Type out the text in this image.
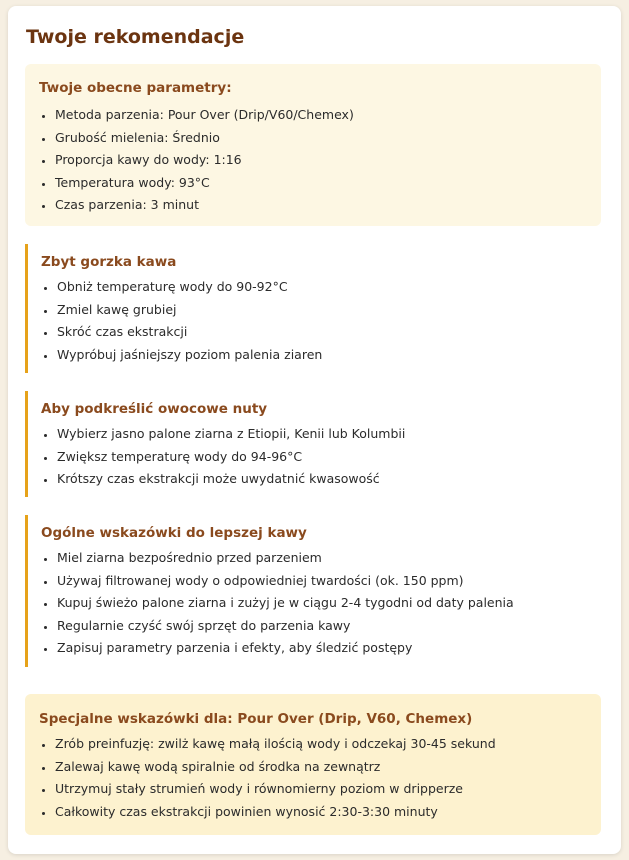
Twoje rekomendacje
Twoje obecne parametry:
• Metoda parzenia: Pour Over (Drip/V60/Chemex)
• Grubość mielenia: Średnio
• Proporcja kawy do wody: 1:16
• Temperatura wody: 93°C
• Czas parzenia: 3 minut
Zbyt gorzka kawa
• Obniż temperaturę wody do 90-92°C
• Zmiel kawę grubiej
• Skróć czas ekstrakcji
• Wypróbuj jaśniejszy poziom palenia ziaren
Aby podkreślić owocowe nuty
• Wybierz jasno palone ziarna z Etiopii, Kenii lub Kolumbii
• Zwiększ temperaturę wody do 94-96°C
• Krótszy czas ekstrakcji może uwydatnić kwasowość
Ogólne wskazówki do lepszej kawy
• Miel ziarna bezpośrednio przed parzeniem
• Używaj filtrowanej wody o odpowiedniej twardości (ok. 150 ppm)
• Kupuj świeżo palone ziarna i zużyj je w ciągu 2-4 tygodni od daty palenia
• Regularnie czyść swój sprzęt do parzenia kawy
• Zapisuj parametry parzenia i efekty, aby śledzić postępy
Specjalne wskazówki dla: Pour Over (Drip, V60, Chemex)
• Zrób preinfuzję: zwilż kawę małą ilością wody i odczekaj 30-45 sekund
• Zalewaj kawę wodą spiralnie od środka na zewnątrz
• Utrzymuj stały strumień wody i równomierny poziom w dripperze
• Całkowity czas ekstrakcji powinien wynosić 2:30-3:30 minuty
